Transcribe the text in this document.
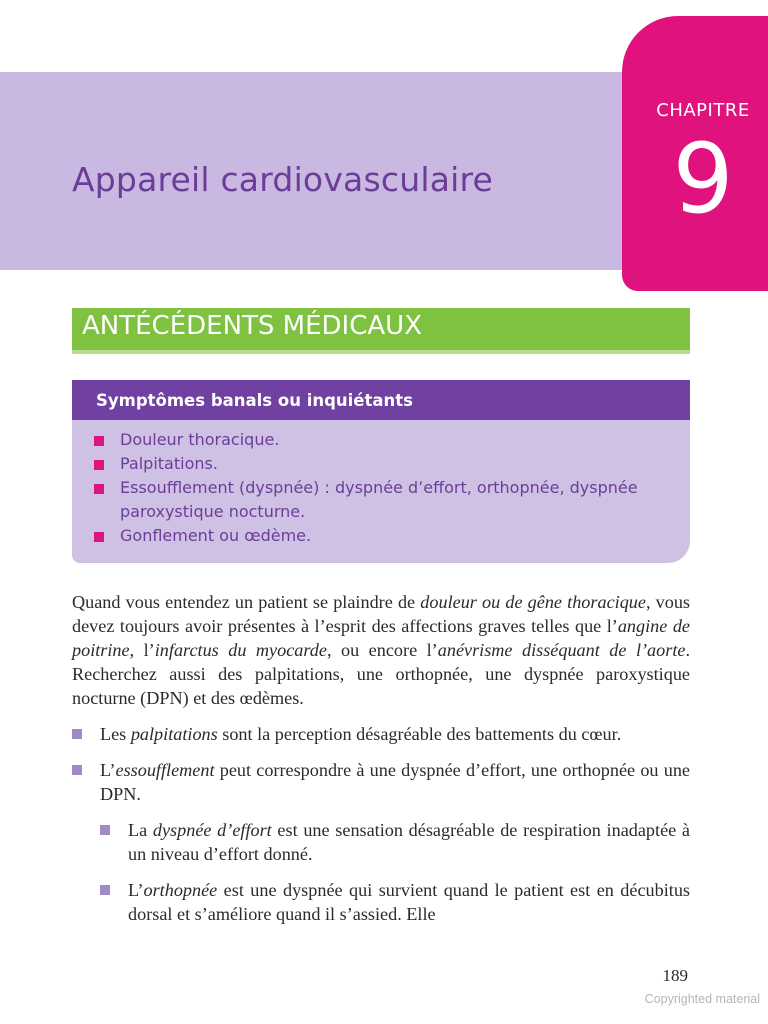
Appareil cardiovasculaire
CHAPITRE
9
ANTÉCÉDENTS MÉDICAUX
Symptômes banals ou inquiétants
Douleur thoracique.
Palpitations.
Essoufflement (dyspnée) : dyspnée d’effort, orthopnée, dyspnée paroxystique nocturne.
Gonflement ou œdème.

Quand vous entendez un patient se plaindre de douleur ou de gêne thoracique, vous devez toujours avoir présentes à l’esprit des affections graves telles que l’angine de poitrine, l’infarctus du myocarde, ou encore l’anévrisme disséquant de l’aorte. Recherchez aussi des palpitations, une orthopnée, une dyspnée paroxystique nocturne (DPN) et des œdèmes.

Les palpitations sont la perception désagréable des battements du cœur.
L’essoufflement peut correspondre à une dyspnée d’effort, une orthopnée ou une DPN.
La dyspnée d’effort est une sensation désagréable de respiration inadaptée à un niveau d’effort donné.
L’orthopnée est une dyspnée qui survient quand le patient est en décubitus dorsal et s’améliore quand il s’assied. Elle
189
Copyrighted material
